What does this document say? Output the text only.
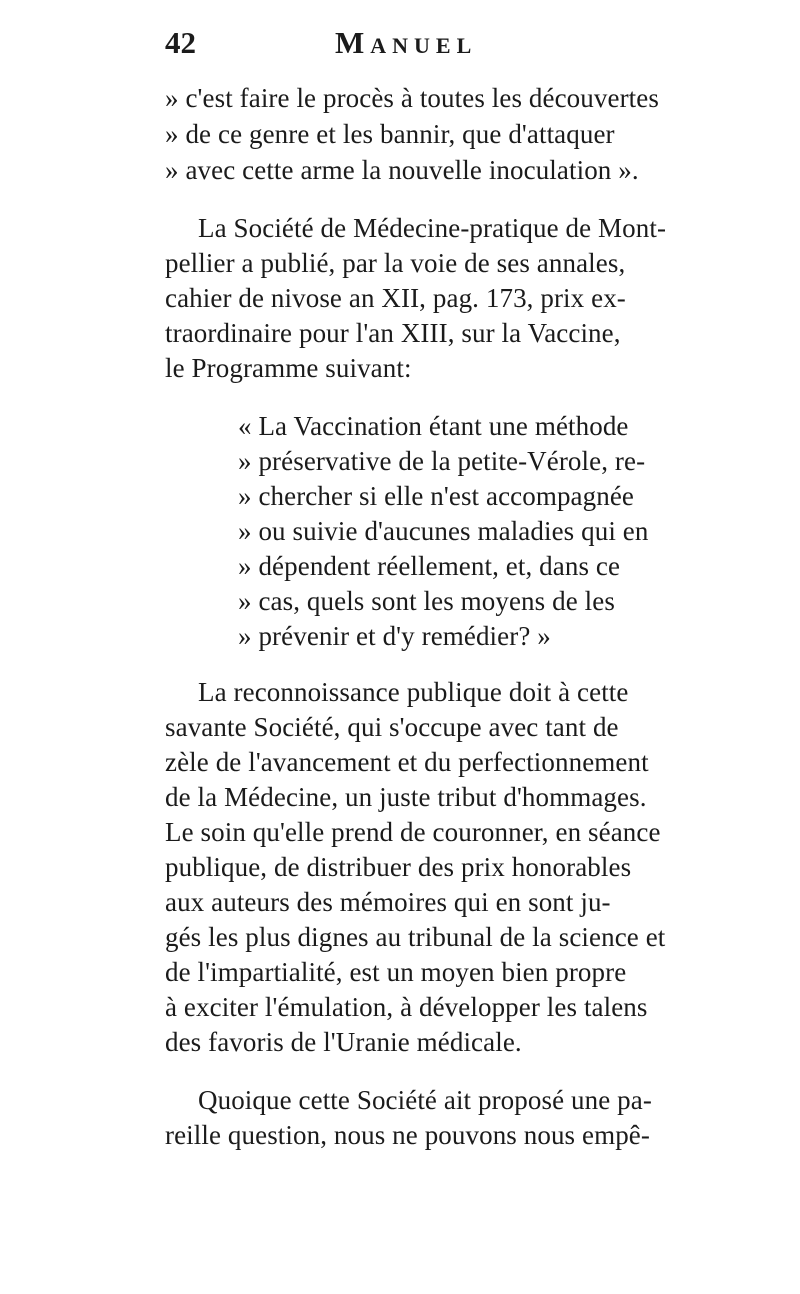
42	MANUEL
» c'est faire le procès à toutes les découvertes
» de ce genre et les bannir, que d'attaquer
» avec cette arme la nouvelle inoculation ».
La Société de Médecine-pratique de Mont-
pellier a publié, par la voie de ses annales,
cahier de nivose an XII, pag. 173, prix ex-
traordinaire pour l'an XIII, sur la Vaccine,
le Programme suivant:
« La Vaccination étant une méthode
» préservative de la petite-Vérole, re-
» chercher si elle n'est accompagnée
» ou suivie d'aucunes maladies qui en
» dépendent réellement, et, dans ce
» cas, quels sont les moyens de les
» prévenir et d'y remédier? »
La reconnoissance publique doit à cette
savante Société, qui s'occupe avec tant de
zèle de l'avancement et du perfectionnement
de la Médecine, un juste tribut d'hommages.
Le soin qu'elle prend de couronner, en séance
publique, de distribuer des prix honorables
aux auteurs des mémoires qui en sont ju-
gés les plus dignes au tribunal de la science et
de l'impartialité, est un moyen bien propre
à exciter l'émulation, à développer les talens
des favoris de l'Uranie médicale.
Quoique cette Société ait proposé une pa-
reille question, nous ne pouvons nous empê-
